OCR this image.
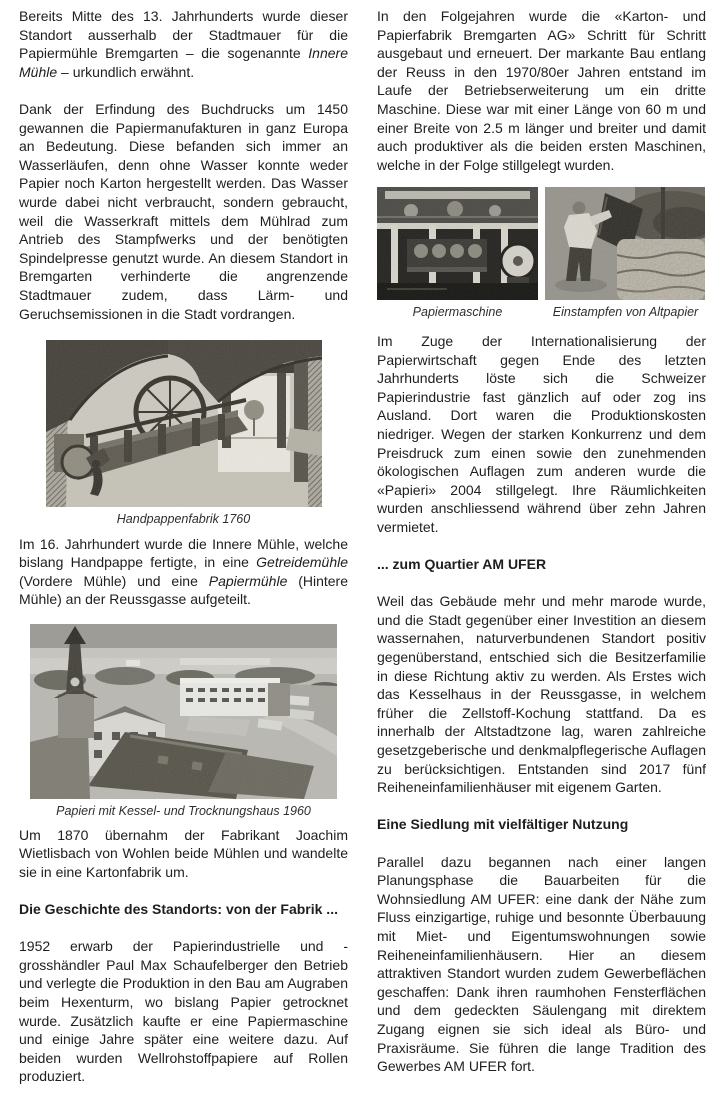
Bereits Mitte des 13. Jahrhunderts wurde dieser Standort ausserhalb der Stadtmauer für die Papiermühle Bremgarten – die sogenannte Innere Mühle – urkundlich erwähnt.

Dank der Erfindung des Buchdrucks um 1450 gewannen die Papiermanufakturen in ganz Europa an Bedeutung. Diese befanden sich immer an Wasserläufen, denn ohne Wasser konnte weder Papier noch Karton hergestellt werden. Das Wasser wurde dabei nicht verbraucht, sondern gebraucht, weil die Wasserkraft mittels dem Mühlrad zum Antrieb des Stampfwerks und der benötigten Spindelpresse genutzt wurde. An diesem Standort in Bremgarten verhinderte die angrenzende Stadtmauer zudem, dass Lärm- und Geruchsemissionen in die Stadt vordrangen.

Handpappenfabrik 1760

Im 16. Jahrhundert wurde die Innere Mühle, welche bislang Handpappe fertigte, in eine Getreidemühle (Vordere Mühle) und eine Papiermühle (Hintere Mühle) an der Reussgasse aufgeteilt.

Papieri mit Kessel- und Trocknungshaus 1960

Um 1870 übernahm der Fabrikant Joachim Wietlisbach von Wohlen beide Mühlen und wandelte sie in eine Kartonfabrik um.

Die Geschichte des Standorts: von der Fabrik ...

1952 erwarb der Papierindustrielle und -grosshändler Paul Max Schaufelberger den Betrieb und verlegte die Produktion in den Bau am Augraben beim Hexenturm, wo bislang Papier getrocknet wurde. Zusätzlich kaufte er eine Papiermaschine und einige Jahre später eine weitere dazu. Auf beiden wurden Wellrohstoffpapiere auf Rollen produziert.

In den Folgejahren wurde die «Karton- und Papierfabrik Bremgarten AG» Schritt für Schritt ausgebaut und erneuert. Der markante Bau entlang der Reuss in den 1970/80er Jahren entstand im Laufe der Betriebserweiterung um ein dritte Maschine. Diese war mit einer Länge von 60 m und einer Breite von 2.5 m länger und breiter und damit auch produktiver als die beiden ersten Maschinen, welche in der Folge stillgelegt wurden.

Papiermaschine	Einstampfen von Altpapier

Im Zuge der Internationalisierung der Papierwirtschaft gegen Ende des letzten Jahrhunderts löste sich die Schweizer Papierindustrie fast gänzlich auf oder zog ins Ausland. Dort waren die Produktionskosten niedriger. Wegen der starken Konkurrenz und dem Preisdruck zum einen sowie den zunehmenden ökologischen Auflagen zum anderen wurde die «Papieri» 2004 stillgelegt. Ihre Räumlichkeiten wurden anschliessend während über zehn Jahren vermietet.

... zum Quartier AM UFER

Weil das Gebäude mehr und mehr marode wurde, und die Stadt gegenüber einer Investition an diesem wassernahen, naturverbundenen Standort positiv gegenüberstand, entschied sich die Besitzerfamilie in diese Richtung aktiv zu werden. Als Erstes wich das Kesselhaus in der Reussgasse, in welchem früher die Zellstoff-Kochung stattfand. Da es innerhalb der Altstadtzone lag, waren zahlreiche gesetzgeberische und denkmalpflegerische Auflagen zu berücksichtigen. Entstanden sind 2017 fünf Reiheneinfamilienhäuser mit eigenem Garten.

Eine Siedlung mit vielfältiger Nutzung

Parallel dazu begannen nach einer langen Planungsphase die Bauarbeiten für die Wohnsiedlung AM UFER: eine dank der Nähe zum Fluss einzigartige, ruhige und besonnte Überbauung mit Miet- und Eigentumswohnungen sowie Reiheneinfamilienhäusern. Hier an diesem attraktiven Standort wurden zudem Gewerbeflächen geschaffen: Dank ihren raumhohen Fensterflächen und dem gedeckten Säulengang mit direktem Zugang eignen sie sich ideal als Büro- und Praxisräume. Sie führen die lange Tradition des Gewerbes AM UFER fort.
